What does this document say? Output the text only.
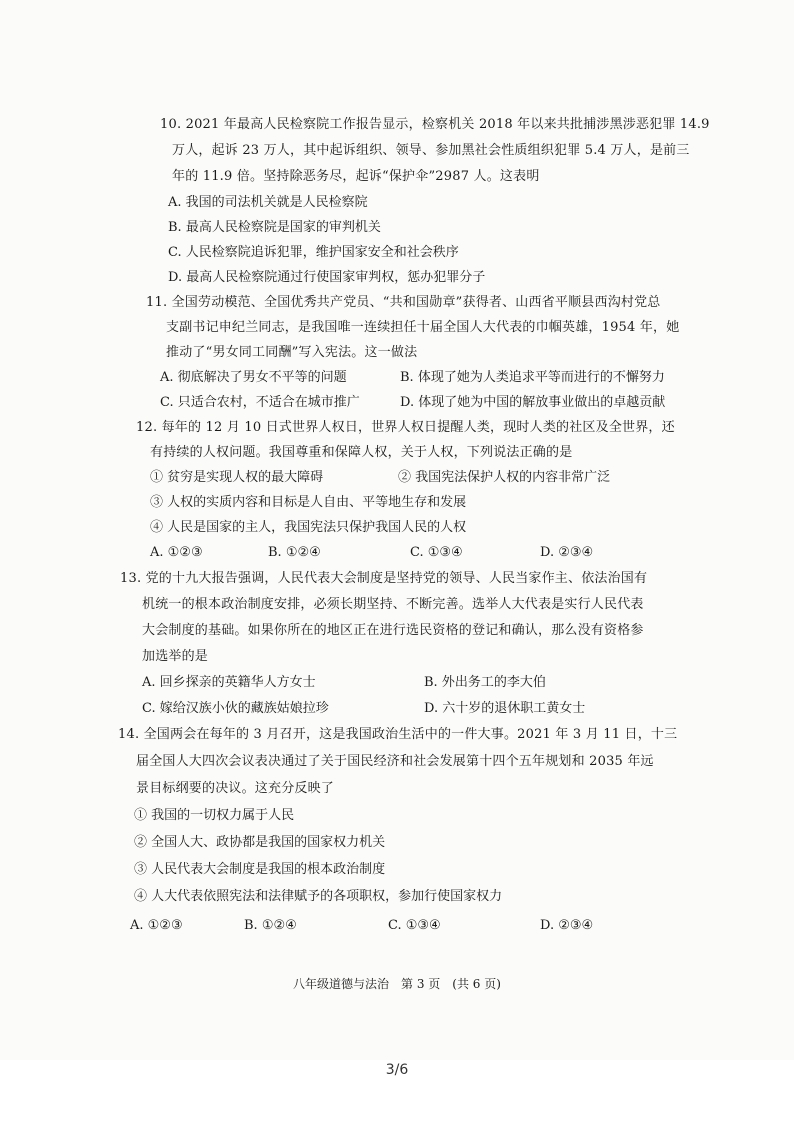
10. 2021 年最高人民检察院工作报告显示，检察机关 2018 年以来共批捕涉黑涉恶犯罪 14.9
万人，起诉 23 万人，其中起诉组织、领导、参加黑社会性质组织犯罪 5.4 万人，是前三
年的 11.9 倍。坚持除恶务尽，起诉“保护伞”2987 人。这表明
A. 我国的司法机关就是人民检察院
B. 最高人民检察院是国家的审判机关
C. 人民检察院追诉犯罪，维护国家安全和社会秩序
D. 最高人民检察院通过行使国家审判权，惩办犯罪分子
11. 全国劳动模范、全国优秀共产党员、“共和国勋章”获得者、山西省平顺县西沟村党总
支副书记申纪兰同志，是我国唯一连续担任十届全国人大代表的巾帼英雄，1954 年，她
推动了“男女同工同酬”写入宪法。这一做法
A. 彻底解决了男女不平等的问题	B. 体现了她为人类追求平等而进行的不懈努力
C. 只适合农村，不适合在城市推广	D. 体现了她为中国的解放事业做出的卓越贡献
12. 每年的 12 月 10 日式世界人权日，世界人权日提醒人类，现时人类的社区及全世界，还
有持续的人权问题。我国尊重和保障人权，关于人权，下列说法正确的是
① 贫穷是实现人权的最大障碍	② 我国宪法保护人权的内容非常广泛
③ 人权的实质内容和目标是人自由、平等地生存和发展
④ 人民是国家的主人，我国宪法只保护我国人民的人权
A. ①②③	B. ①②④	C. ①③④	D. ②③④
13. 党的十九大报告强调，人民代表大会制度是坚持党的领导、人民当家作主、依法治国有
机统一的根本政治制度安排，必须长期坚持、不断完善。选举人大代表是实行人民代表
大会制度的基础。如果你所在的地区正在进行选民资格的登记和确认，那么没有资格参
加选举的是
A. 回乡探亲的英籍华人方女士	B. 外出务工的李大伯
C. 嫁给汉族小伙的藏族姑娘拉珍	D. 六十岁的退休职工黄女士
14. 全国两会在每年的 3 月召开，这是我国政治生活中的一件大事。2021 年 3 月 11 日，十三
届全国人大四次会议表决通过了关于国民经济和社会发展第十四个五年规划和 2035 年远
景目标纲要的决议。这充分反映了
① 我国的一切权力属于人民
② 全国人大、政协都是我国的国家权力机关
③ 人民代表大会制度是我国的根本政治制度
④ 人大代表依照宪法和法律赋予的各项职权，参加行使国家权力
A. ①②③	B. ①②④	C. ①③④	D. ②③④
八年级道德与法治　第 3 页　(共 6 页)
3/6
